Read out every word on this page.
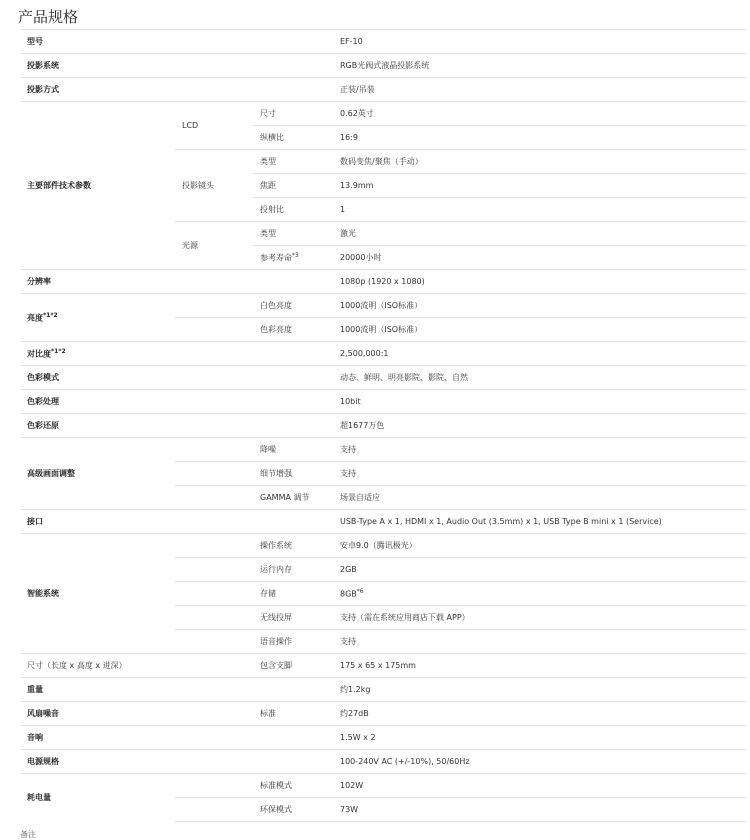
产品规格
型号			EF-10
投影系统			RGB光阀式液晶投影系统
投影方式			正装/吊装
主要部件技术参数	LCD	尺寸	0.62英寸
		纵横比	16:9
	投影镜头	类型	数码变焦/聚焦（手动）
		焦距	13.9mm
		投射比	1
	光源	类型	激光
		参考寿命$^{*3}$	20000小时
分辨率			1080p (1920 x 1080)
亮度$^{*1*2}$		白色亮度	1000流明（ISO标准）
		色彩亮度	1000流明（ISO标准）
对比度$^{*1*2}$			2,500,000:1
色彩模式			动态、鲜明、明亮影院、影院、自然
色彩处理			10bit
色彩还原			超1677万色
高级画面调整		降噪	支持
		细节增强	支持
		GAMMA 调节	场景自适应
接口			USB-Type A x 1, HDMI x 1, Audio Out (3.5mm) x 1, USB Type B mini x 1 (Service)
智能系统		操作系统	安卓9.0（腾讯极光）
		运行内存	2GB
		存储	8GB$^{*6}$
		无线投屏	支持（需在系统应用商店下载 APP）
		语音操作	支持
尺寸（长度 x 高度 x 进深）		包含支脚	175 x 65 x 175mm
重量			约1.2kg
风扇噪音		标准	约27dB
音响			1.5W x 2
电源规格			100-240V AC (+/-10%), 50/60Hz
耗电量		标准模式	102W
		环保模式	73W
备注
